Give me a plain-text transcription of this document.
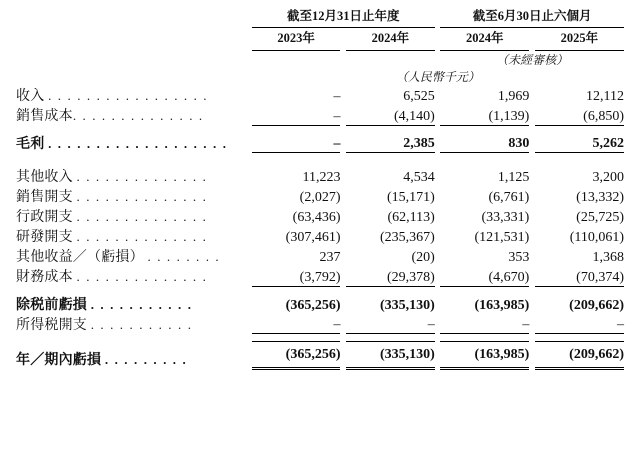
		截至12月31日止年度				截至6月30日止六個月		

		2023年		2024年		2024年		2025年

						（未經審核）		
		（人民幣千元）						
收入 . . . . . . . . . . . . . . . . .		–		6,525		1,969		12,112
銷售成本. . . . . . . . . . . . . .		–		(4,140)		(1,139)		(6,850)

毛利 . . . . . . . . . . . . . . . . . . .		–		2,385		830		5,262

其他收入 . . . . . . . . . . . . . .		11,223		4,534		1,125		3,200
銷售開支 . . . . . . . . . . . . . .		(2,027)		(15,171)		(6,761)		(13,332)
行政開支 . . . . . . . . . . . . . .		(63,436)		(62,113)		(33,331)		(25,725)
研發開支 . . . . . . . . . . . . . .		(307,461)		(235,367)		(121,531)		(110,061)
其他收益／（虧損） . . . . . . . .		237		(20)		353		1,368
財務成本 . . . . . . . . . . . . . .		(3,792)		(29,378)		(4,670)		(70,374)

除税前虧損 . . . . . . . . . . .		(365,256)		(335,130)		(163,985)		(209,662)
所得税開支 . . . . . . . . . . .		–		–		–		–

年／期內虧損 . . . . . . . . .		(365,256)		(335,130)		(163,985)		(209,662)
